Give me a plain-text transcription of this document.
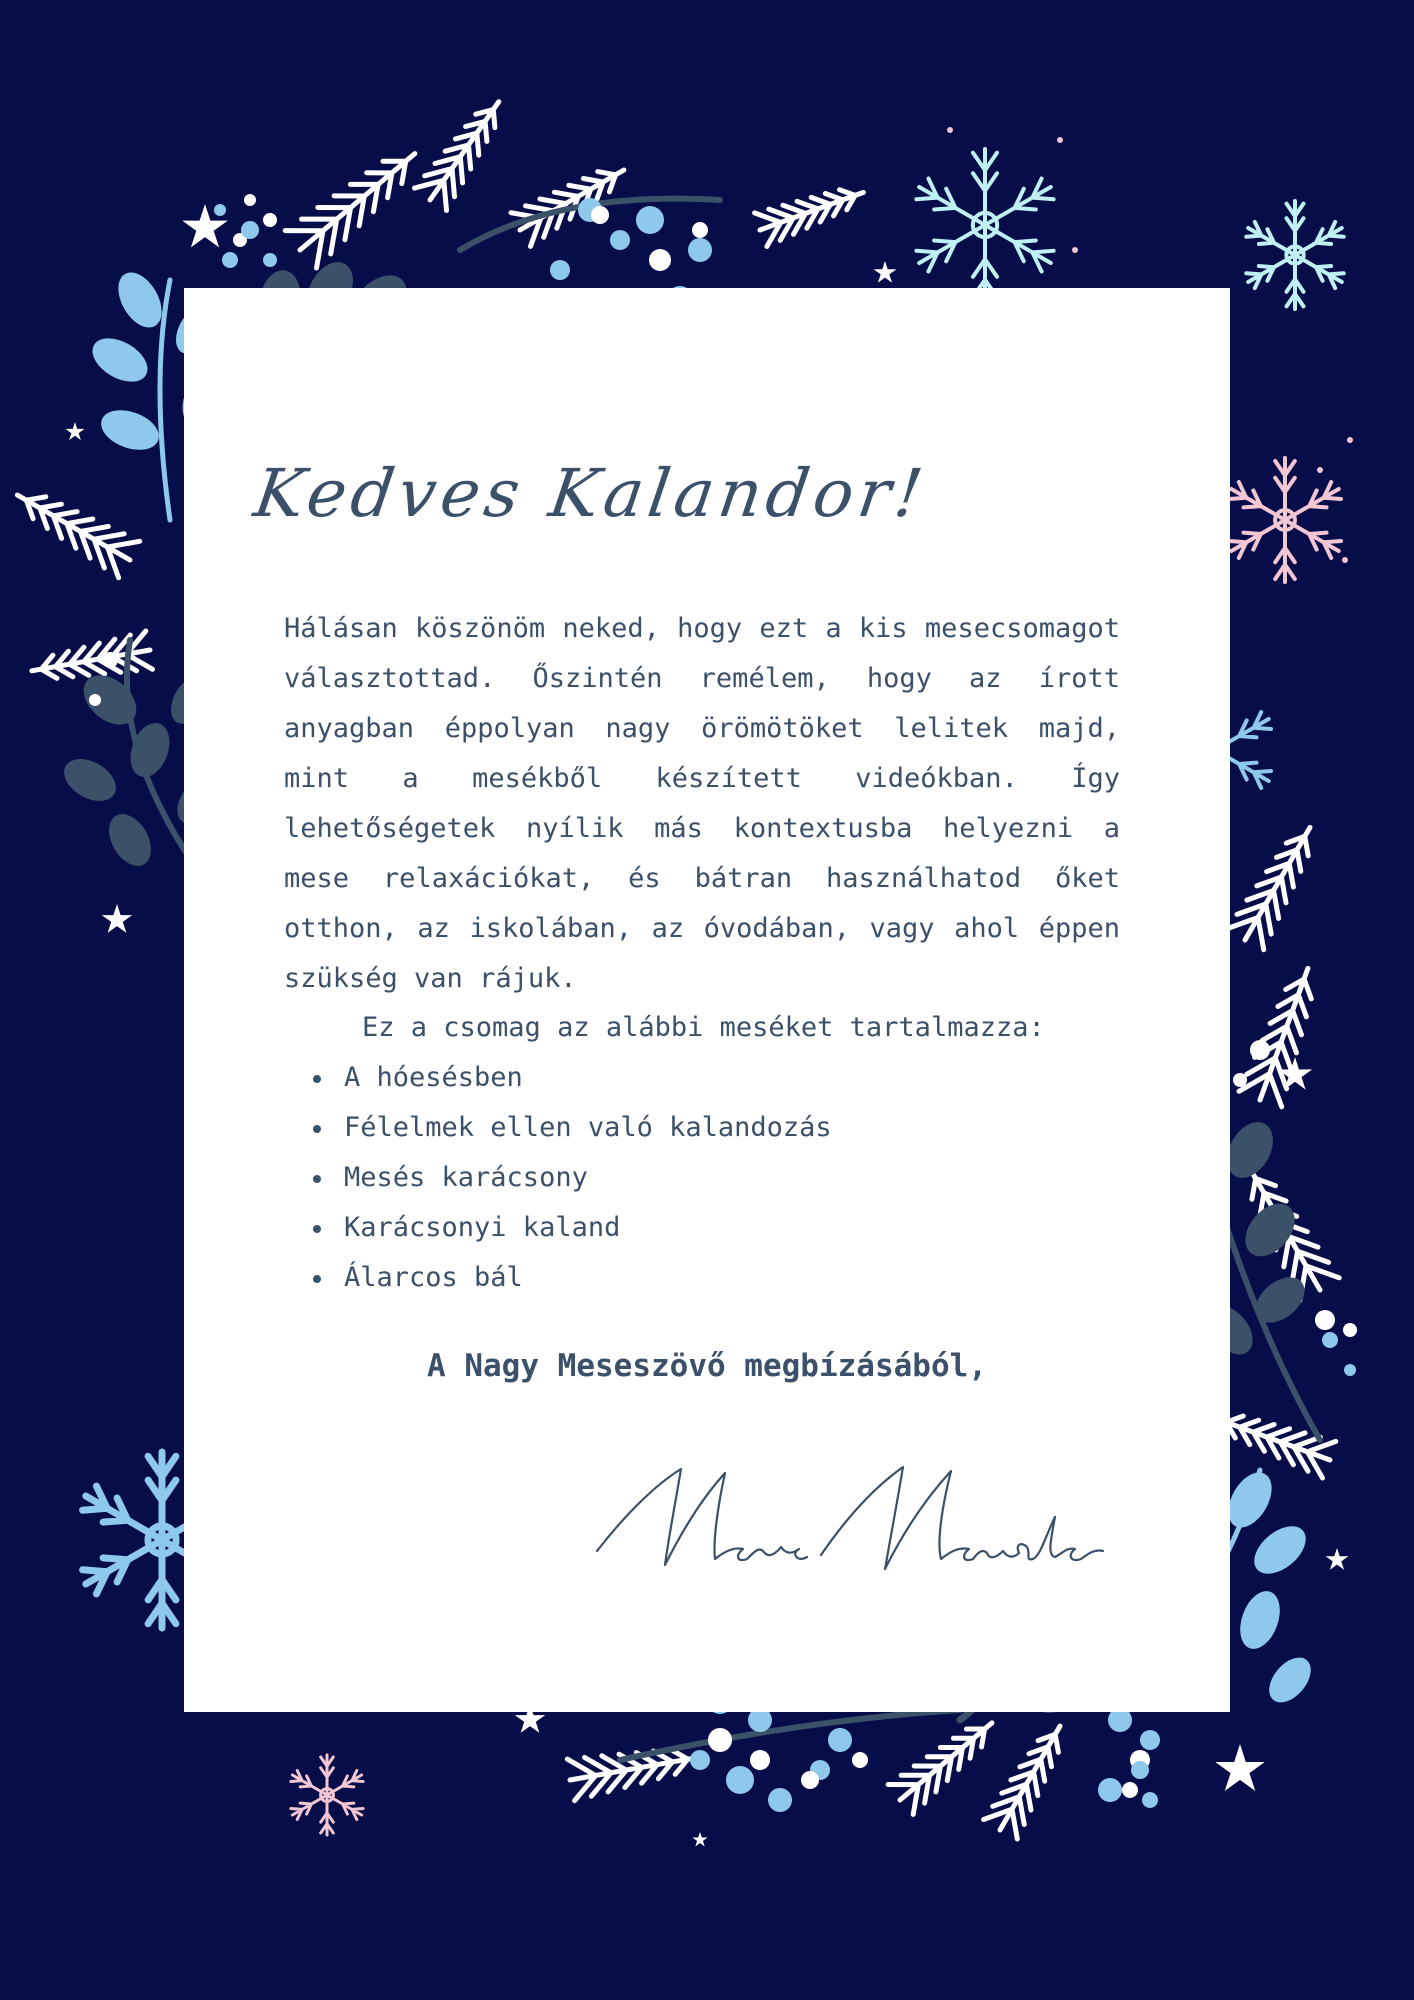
Kedves Kalandor!

Hálásan köszönöm neked, hogy ezt a kis mesecsomagot választottad. Őszintén remélem, hogy az írott anyagban éppolyan nagy örömötöket lelitek majd, mint a mesékből készített videókban. Így lehetőségetek nyílik más kontextusba helyezni a mese relaxációkat, és bátran használhatod őket otthon, az iskolában, az óvodában, vagy ahol éppen szükség van rájuk.

Ez a csomag az alábbi meséket tartalmazza:

A hóesésben
Félelmek ellen való kalandozás
Mesés karácsony
Karácsonyi kaland
Álarcos bál

A Nagy Meseszövő megbízásából,
